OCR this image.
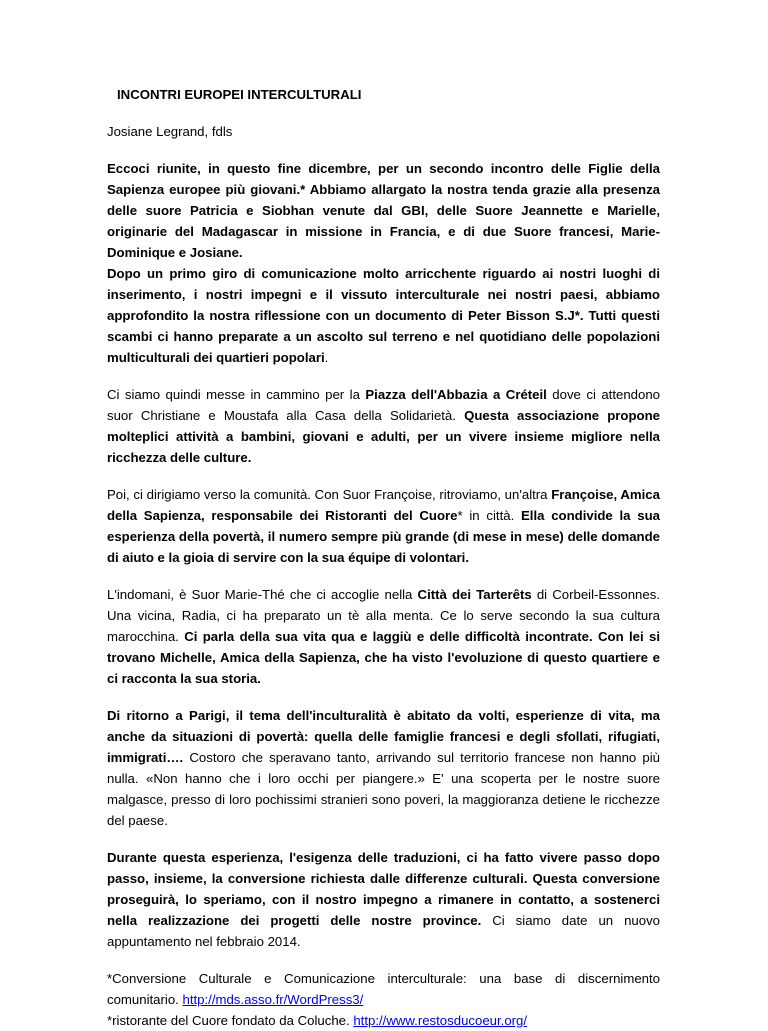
INCONTRI EUROPEI INTERCULTURALI
Josiane Legrand, fdls

Eccoci riunite, in questo fine dicembre, per un secondo incontro delle Figlie della Sapienza europee più giovani.* Abbiamo allargato la nostra tenda grazie alla presenza delle suore Patricia e Siobhan venute dal GBI, delle Suore Jeannette e Marielle, originarie del Madagascar in missione in Francia, e di due Suore francesi, Marie-Dominique e Josiane.

Dopo un primo giro di comunicazione molto arricchente riguardo ai nostri luoghi di inserimento, i nostri impegni e il vissuto interculturale nei nostri paesi, abbiamo approfondito la nostra riflessione con un documento di Peter Bisson S.J*. Tutti questi scambi ci hanno preparate a un ascolto sul terreno e nel quotidiano delle popolazioni multiculturali dei quartieri popolari.

Ci siamo quindi messe in cammino per la Piazza dell'Abbazia a Créteil dove ci attendono suor Christiane e Moustafa alla Casa della Solidarietà. Questa associazione propone molteplici attività a bambini, giovani e adulti, per un vivere insieme migliore nella ricchezza delle culture.

Poi, ci dirigiamo verso la comunità. Con Suor Françoise, ritroviamo, un'altra Françoise, Amica della Sapienza, responsabile dei Ristoranti del Cuore* in città. Ella condivide la sua esperienza della povertà, il numero sempre più grande (di mese in mese) delle domande di aiuto e la gioia di servire con la sua équipe di volontari.

L'indomani, è Suor Marie-Thé che ci accoglie nella Città dei Tarterêts di Corbeil-Essonnes. Una vicina, Radia, ci ha preparato un tè alla menta. Ce lo serve secondo la sua cultura marocchina. Ci parla della sua vita qua e laggiù e delle difficoltà incontrate. Con lei si trovano Michelle, Amica della Sapienza, che ha visto l'evoluzione di questo quartiere e ci racconta la sua storia.

Di ritorno a Parigi, il tema dell'inculturalità è abitato da volti, esperienze di vita, ma anche da situazioni di povertà: quella delle famiglie francesi e degli sfollati, rifugiati, immigrati…. Costoro che speravano tanto, arrivando sul territorio francese non hanno più nulla. «Non hanno che i loro occhi per piangere.» E' una scoperta per le nostre suore malgasce, presso di loro pochissimi stranieri sono poveri, la maggioranza detiene le ricchezze del paese.

Durante questa esperienza, l'esigenza delle traduzioni, ci ha fatto vivere passo dopo passo, insieme, la conversione richiesta dalle differenze culturali. Questa conversione proseguirà, lo speriamo, con il nostro impegno a rimanere in contatto, a sostenerci nella realizzazione dei progetti delle nostre province. Ci siamo date un nuovo appuntamento nel febbraio 2014.

*Conversione Culturale e Comunicazione interculturale: una base di discernimento comunitario. http://mds.asso.fr/WordPress3/

*ristorante del Cuore fondato da Coluche. http://www.restosducoeur.org/
